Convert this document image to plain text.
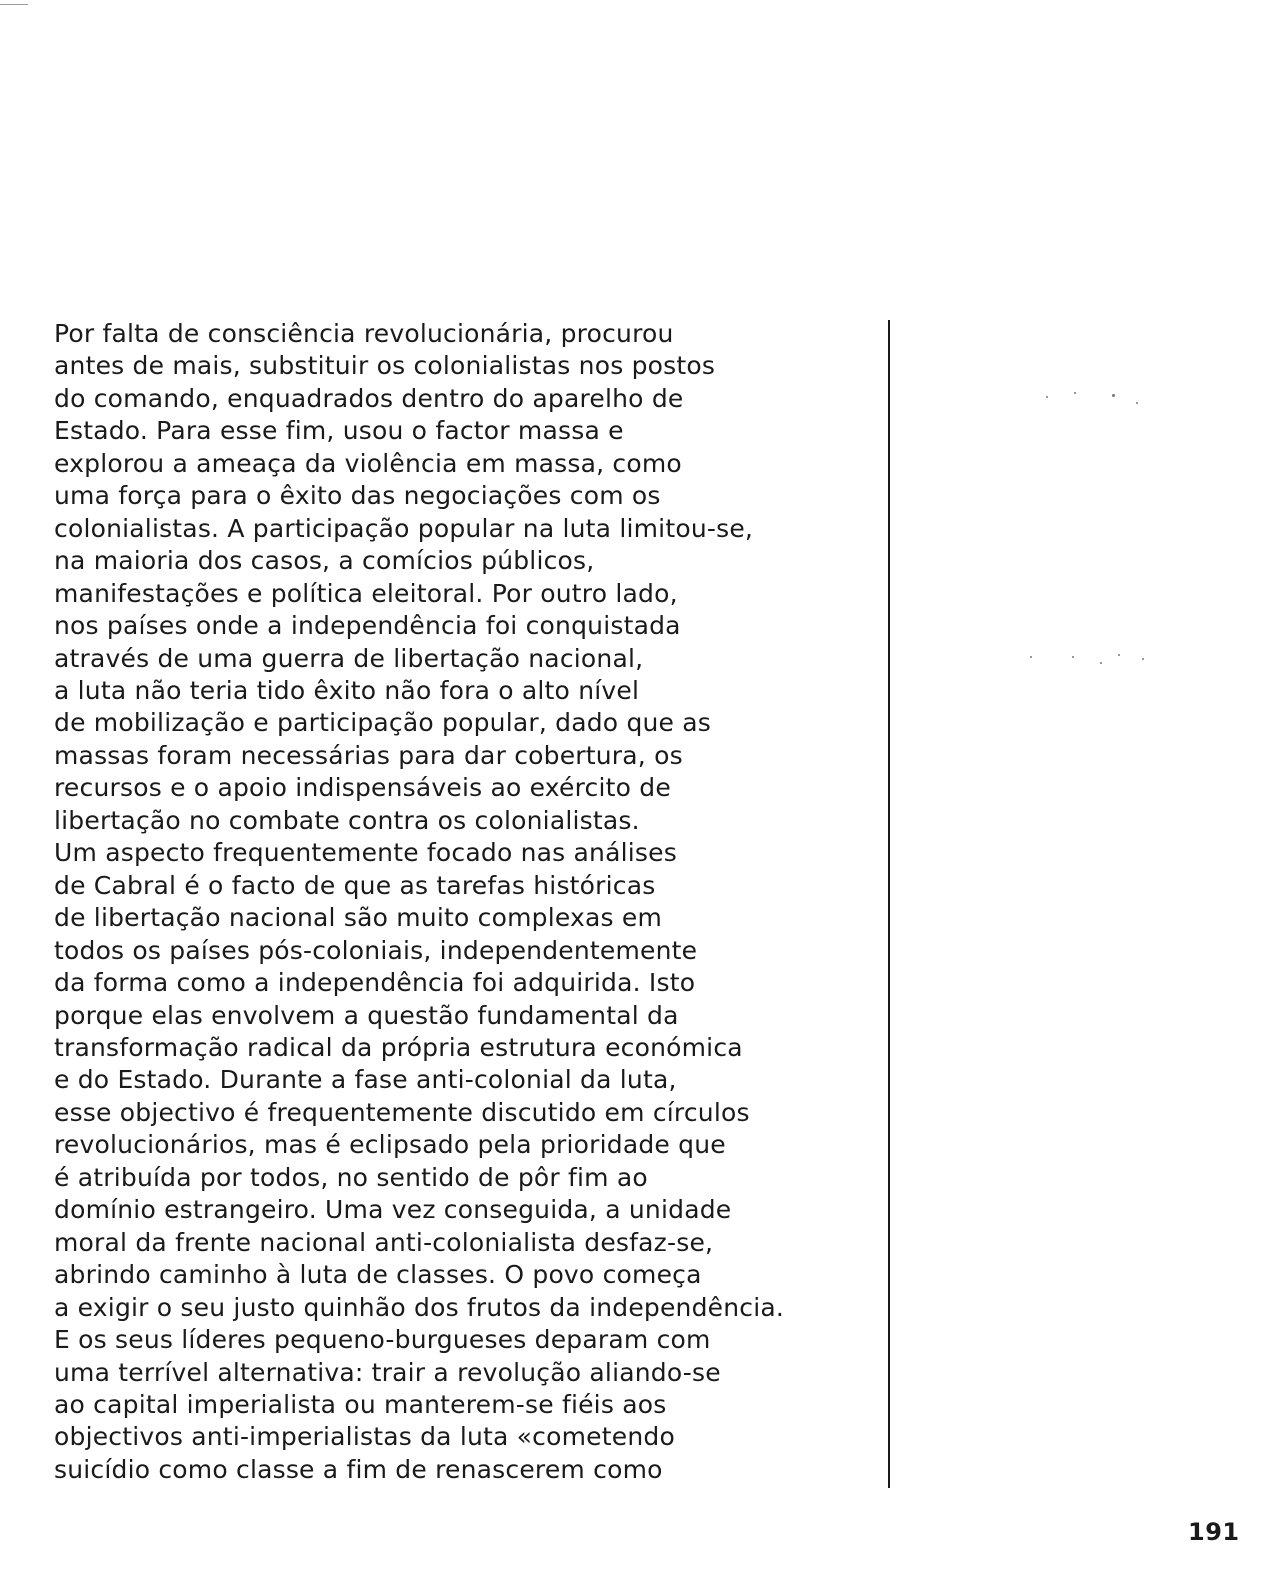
Por falta de consciência revolucionária, procurou
antes de mais, substituir os colonialistas nos postos
do comando, enquadrados dentro do aparelho de
Estado. Para esse fim, usou o factor massa e
explorou a ameaça da violência em massa, como
uma força para o êxito das negociações com os
colonialistas. A participação popular na luta limitou-se,
na maioria dos casos, a comícios públicos,
manifestações e política eleitoral. Por outro lado,
nos países onde a independência foi conquistada
através de uma guerra de libertação nacional,
a luta não teria tido êxito não fora o alto nível
de mobilização e participação popular, dado que as
massas foram necessárias para dar cobertura, os
recursos e o apoio indispensáveis ao exército de
libertação no combate contra os colonialistas.
Um aspecto frequentemente focado nas análises
de Cabral é o facto de que as tarefas históricas
de libertação nacional são muito complexas em
todos os países pós-coloniais, independentemente
da forma como a independência foi adquirida. Isto
porque elas envolvem a questão fundamental da
transformação radical da própria estrutura económica
e do Estado. Durante a fase anti-colonial da luta,
esse objectivo é frequentemente discutido em círculos
revolucionários, mas é eclipsado pela prioridade que
é atribuída por todos, no sentido de pôr fim ao
domínio estrangeiro. Uma vez conseguida, a unidade
moral da frente nacional anti-colonialista desfaz-se,
abrindo caminho à luta de classes. O povo começa
a exigir o seu justo quinhão dos frutos da independência.
E os seus líderes pequeno-burgueses deparam com
uma terrível alternativa: trair a revolução aliando-se
ao capital imperialista ou manterem-se fiéis aos
objectivos anti-imperialistas da luta «cometendo
suicídio como classe a fim de renascerem como
191
